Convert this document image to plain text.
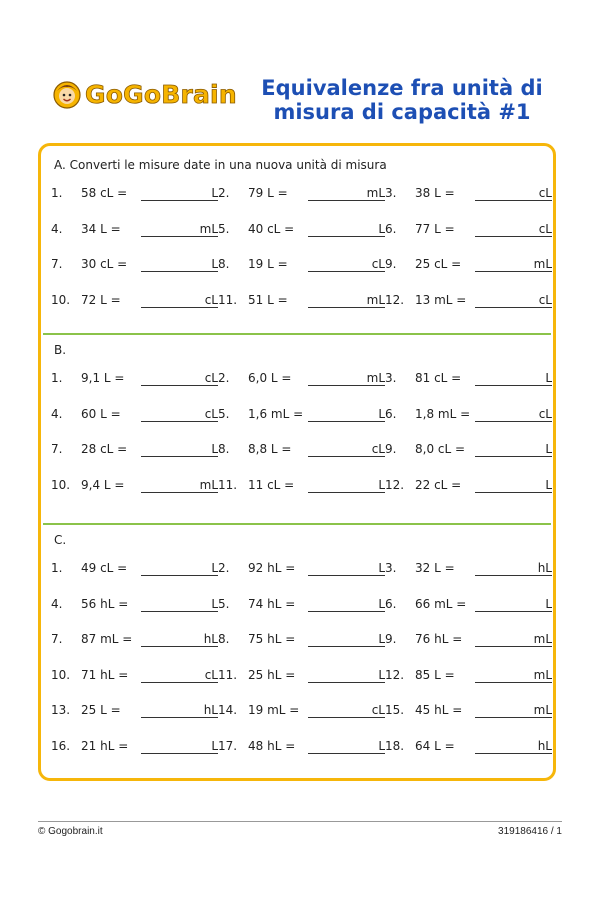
GoGoBrain	Equivalenze fra unità di
misura di capacità #1
A. Converti le misure date in una nuova unità di misura
1. 58 cL =	L 2. 79 L =	mL 3. 38 L =	cL
4. 34 L =	mL 5. 40 cL =	L 6. 77 L =	cL
7. 30 cL =	L 8. 19 L =	cL 9. 25 cL =	mL
10. 72 L =	cL 11. 51 L =	mL 12. 13 mL =	cL
B.
1. 9,1 L =	cL 2. 6,0 L =	mL 3. 81 cL =	L
4. 60 L =	cL 5. 1,6 mL =	L 6. 1,8 mL =	cL
7. 28 cL =	L 8. 8,8 L =	cL 9. 8,0 cL =	L
10. 9,4 L =	mL 11. 11 cL =	L 12. 22 cL =	L
C.
1. 49 cL =	L 2. 92 hL =	L 3. 32 L =	hL
4. 56 hL =	L 5. 74 hL =	L 6. 66 mL =	L
7. 87 mL =	hL 8. 75 hL =	L 9. 76 hL =	mL
10. 71 hL =	cL 11. 25 hL =	L 12. 85 L =	mL
13. 25 L =	hL 14. 19 mL =	cL 15. 45 hL =	mL
16. 21 hL =	L 17. 48 hL =	L 18. 64 L =	hL
© Gogobrain.it	319186416 / 1
